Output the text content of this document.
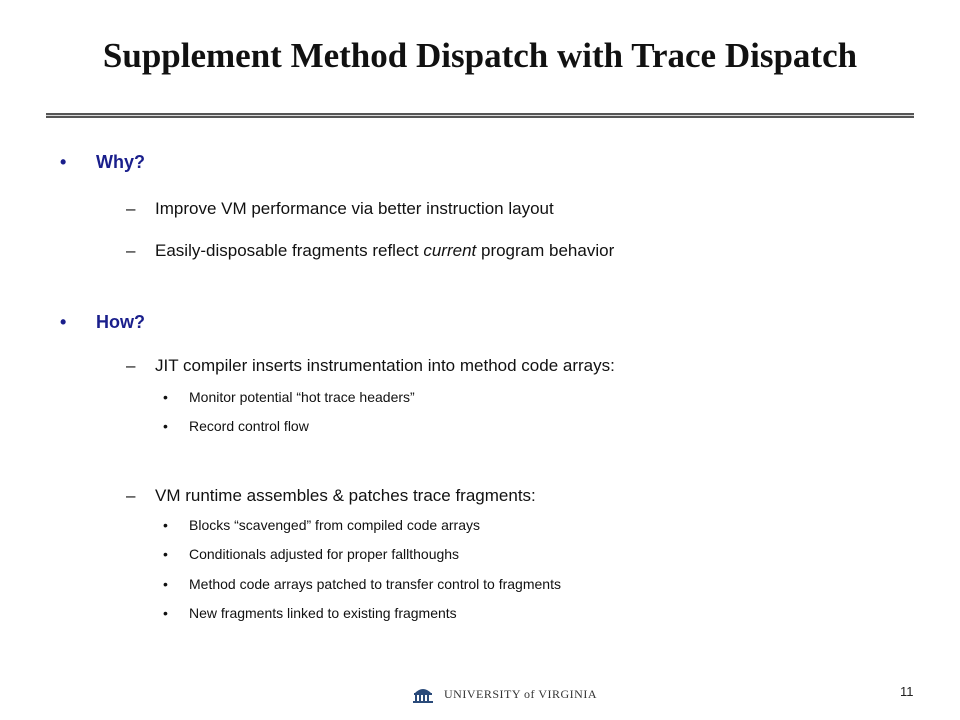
Supplement Method Dispatch with Trace Dispatch
• Why?
– Improve VM performance via better instruction layout
– Easily-disposable fragments reflect current program behavior
• How?
– JIT compiler inserts instrumentation into method code arrays:
• Monitor potential “hot trace headers”
• Record control flow
– VM runtime assembles & patches trace fragments:
• Blocks “scavenged” from compiled code arrays
• Conditionals adjusted for proper fallthoughs
• Method code arrays patched to transfer control to fragments
• New fragments linked to existing fragments
UNIVERSITY of VIRGINIA	11
